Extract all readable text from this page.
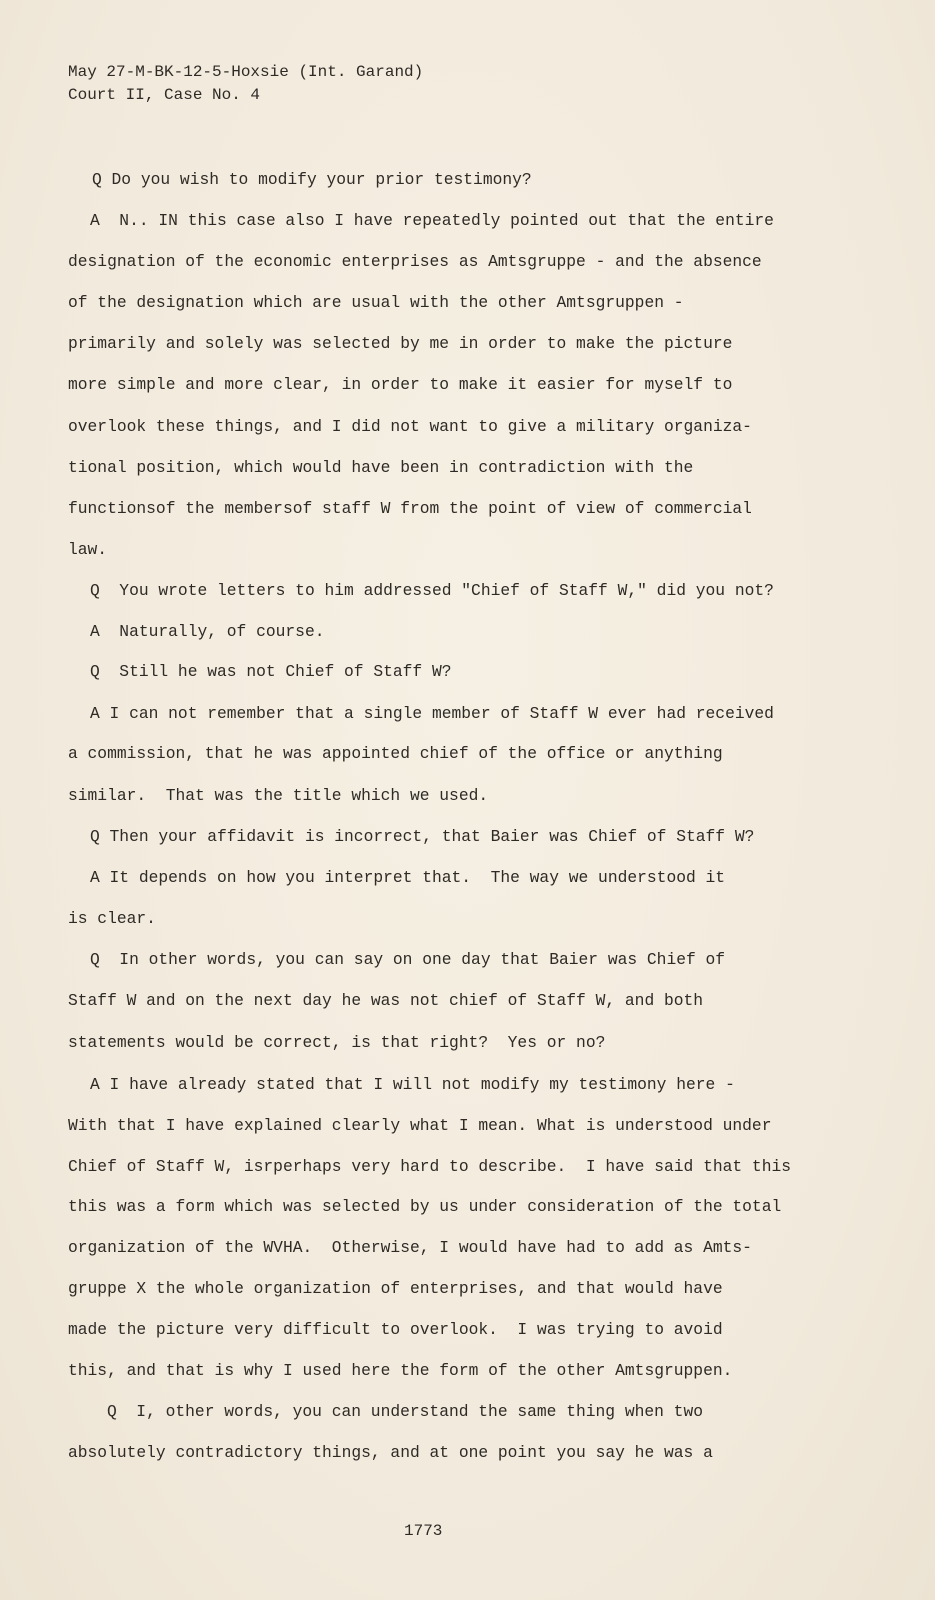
May 27-M-BK-12-5-Hoxsie (Int. Garand)
Court II, Case No. 4
Q Do you wish to modify your prior testimony?
A  N.. IN this case also I have repeatedly pointed out that the entire
designation of the economic enterprises as Amtsgruppe - and the absence
of the designation which are usual with the other Amtsgruppen -
primarily and solely was selected by me in order to make the picture
more simple and more clear, in order to make it easier for myself to
overlook these things, and I did not want to give a military organiza-
tional position, which would have been in contradiction with the
functionsof the membersof staff W from the point of view of commercial
law.
Q  You wrote letters to him addressed "Chief of Staff W," did you not?
A  Naturally, of course.
Q  Still he was not Chief of Staff W?
A I can not remember that a single member of Staff W ever had received
a commission, that he was appointed chief of the office or anything
similar.  That was the title which we used.
Q Then your affidavit is incorrect, that Baier was Chief of Staff W?
A It depends on how you interpret that.  The way we understood it
is clear.
Q  In other words, you can say on one day that Baier was Chief of
Staff W and on the next day he was not chief of Staff W, and both
statements would be correct, is that right?  Yes or no?
A I have already stated that I will not modify my testimony here -
With that I have explained clearly what I mean. What is understood under
Chief of Staff W, isrperhaps very hard to describe.  I have said that this
this was a form which was selected by us under consideration of the total
organization of the WVHA.  Otherwise, I would have had to add as Amts-
gruppe X the whole organization of enterprises, and that would have
made the picture very difficult to overlook.  I was trying to avoid
this, and that is why I used here the form of the other Amtsgruppen.
Q  I, other words, you can understand the same thing when two
absolutely contradictory things, and at one point you say he was a
1773
